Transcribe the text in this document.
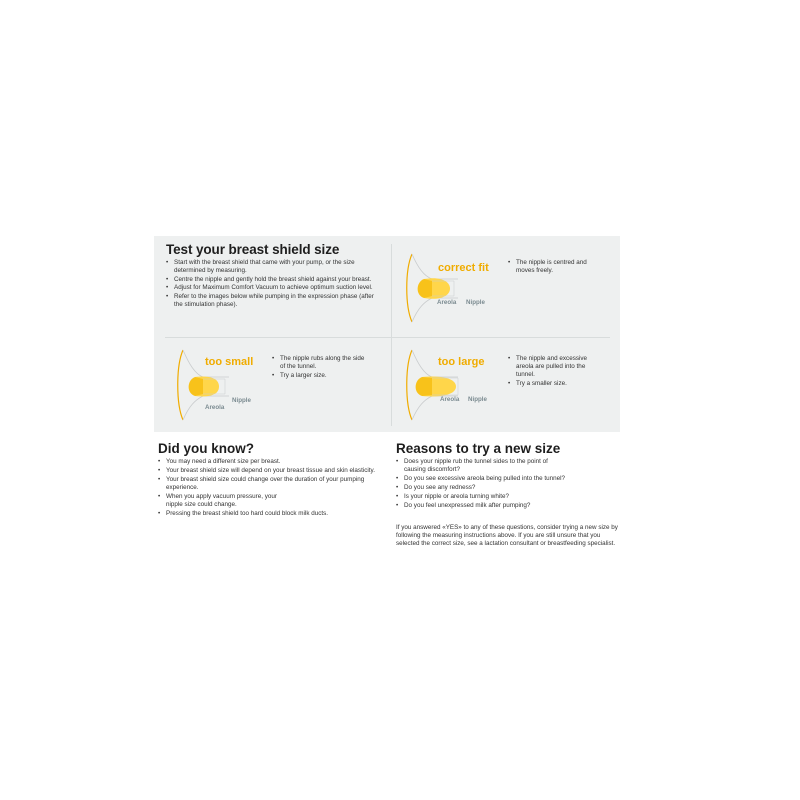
Test your breast shield size
• Start with the breast shield that came with your pump, or the size determined by measuring.
• Centre the nipple and gently hold the breast shield against your breast.
• Adjust for Maximum Comfort Vacuum to achieve optimum suction level.
• Refer to the images below while pumping in the expression phase (after the stimulation phase).
correct fit
Areola Nipple
• The nipple is centred and moves freely.
too small
Areola
Nipple
• The nipple rubs along the side of the tunnel.
• Try a larger size.
too large
Areola Nipple
• The nipple and excessive areola are pulled into the tunnel.
• Try a smaller size.
Did you know?
• You may need a different size per breast.
• Your breast shield size will depend on your breast tissue and skin elasticity.
• Your breast shield size could change over the duration of your pumping experience.
• When you apply vacuum pressure, your nipple size could change.
• Pressing the breast shield too hard could block milk ducts.
Reasons to try a new size
• Does your nipple rub the tunnel sides to the point of causing discomfort?
• Do you see excessive areola being pulled into the tunnel?
• Do you see any redness?
• Is your nipple or areola turning white?
• Do you feel unexpressed milk after pumping?

If you answered «YES» to any of these questions, consider trying a new size by following the measuring instructions above. If you are still unsure that you selected the correct size, see a lactation consultant or breastfeeding specialist.
